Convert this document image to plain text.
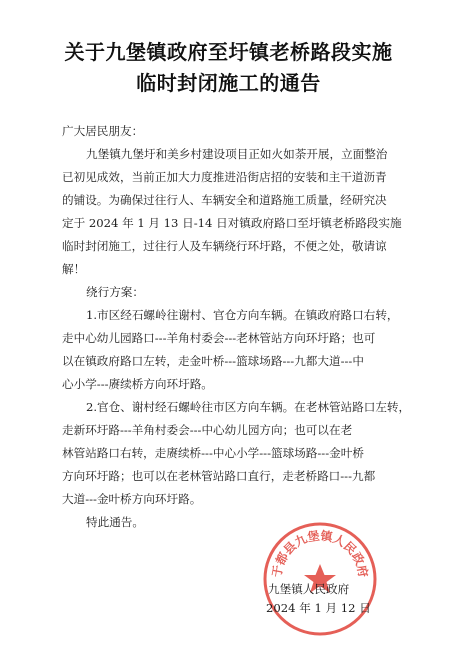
关于九堡镇政府至圩镇老桥路段实施
临时封闭施工的通告
广大居民朋友：
九堡镇九堡圩和美乡村建设项目正如火如荼开展，立面整治
已初见成效，当前正加大力度推进沿街店招的安装和主干道沥青
的铺设。为确保过往行人、车辆安全和道路施工质量，经研究决
定于 2024 年 1 月 13 日-14 日对镇政府路口至圩镇老桥路段实施
临时封闭施工，过往行人及车辆绕行环圩路，不便之处，敬请谅
解！
绕行方案：
1.市区经石螺岭往谢村、官仓方向车辆。在镇政府路口右转，
走中心幼儿园路口---羊角村委会---老林管站方向环圩路；也可
以在镇政府路口左转，走金叶桥---篮球场路---九都大道---中
心小学---赓续桥方向环圩路。
2.官仓、谢村经石螺岭往市区方向车辆。在老林管站路口左转，
走新环圩路---羊角村委会---中心幼儿园方向；也可以在老
林管站路口右转，走赓续桥---中心小学---篮球场路---金叶桥
方向环圩路；也可以在老林管站路口直行，走老桥路口---九都
大道---金叶桥方向环圩路。
特此通告。
于都县九堡镇人民政府
九堡镇人民政府
2024 年 1 月 12 日
